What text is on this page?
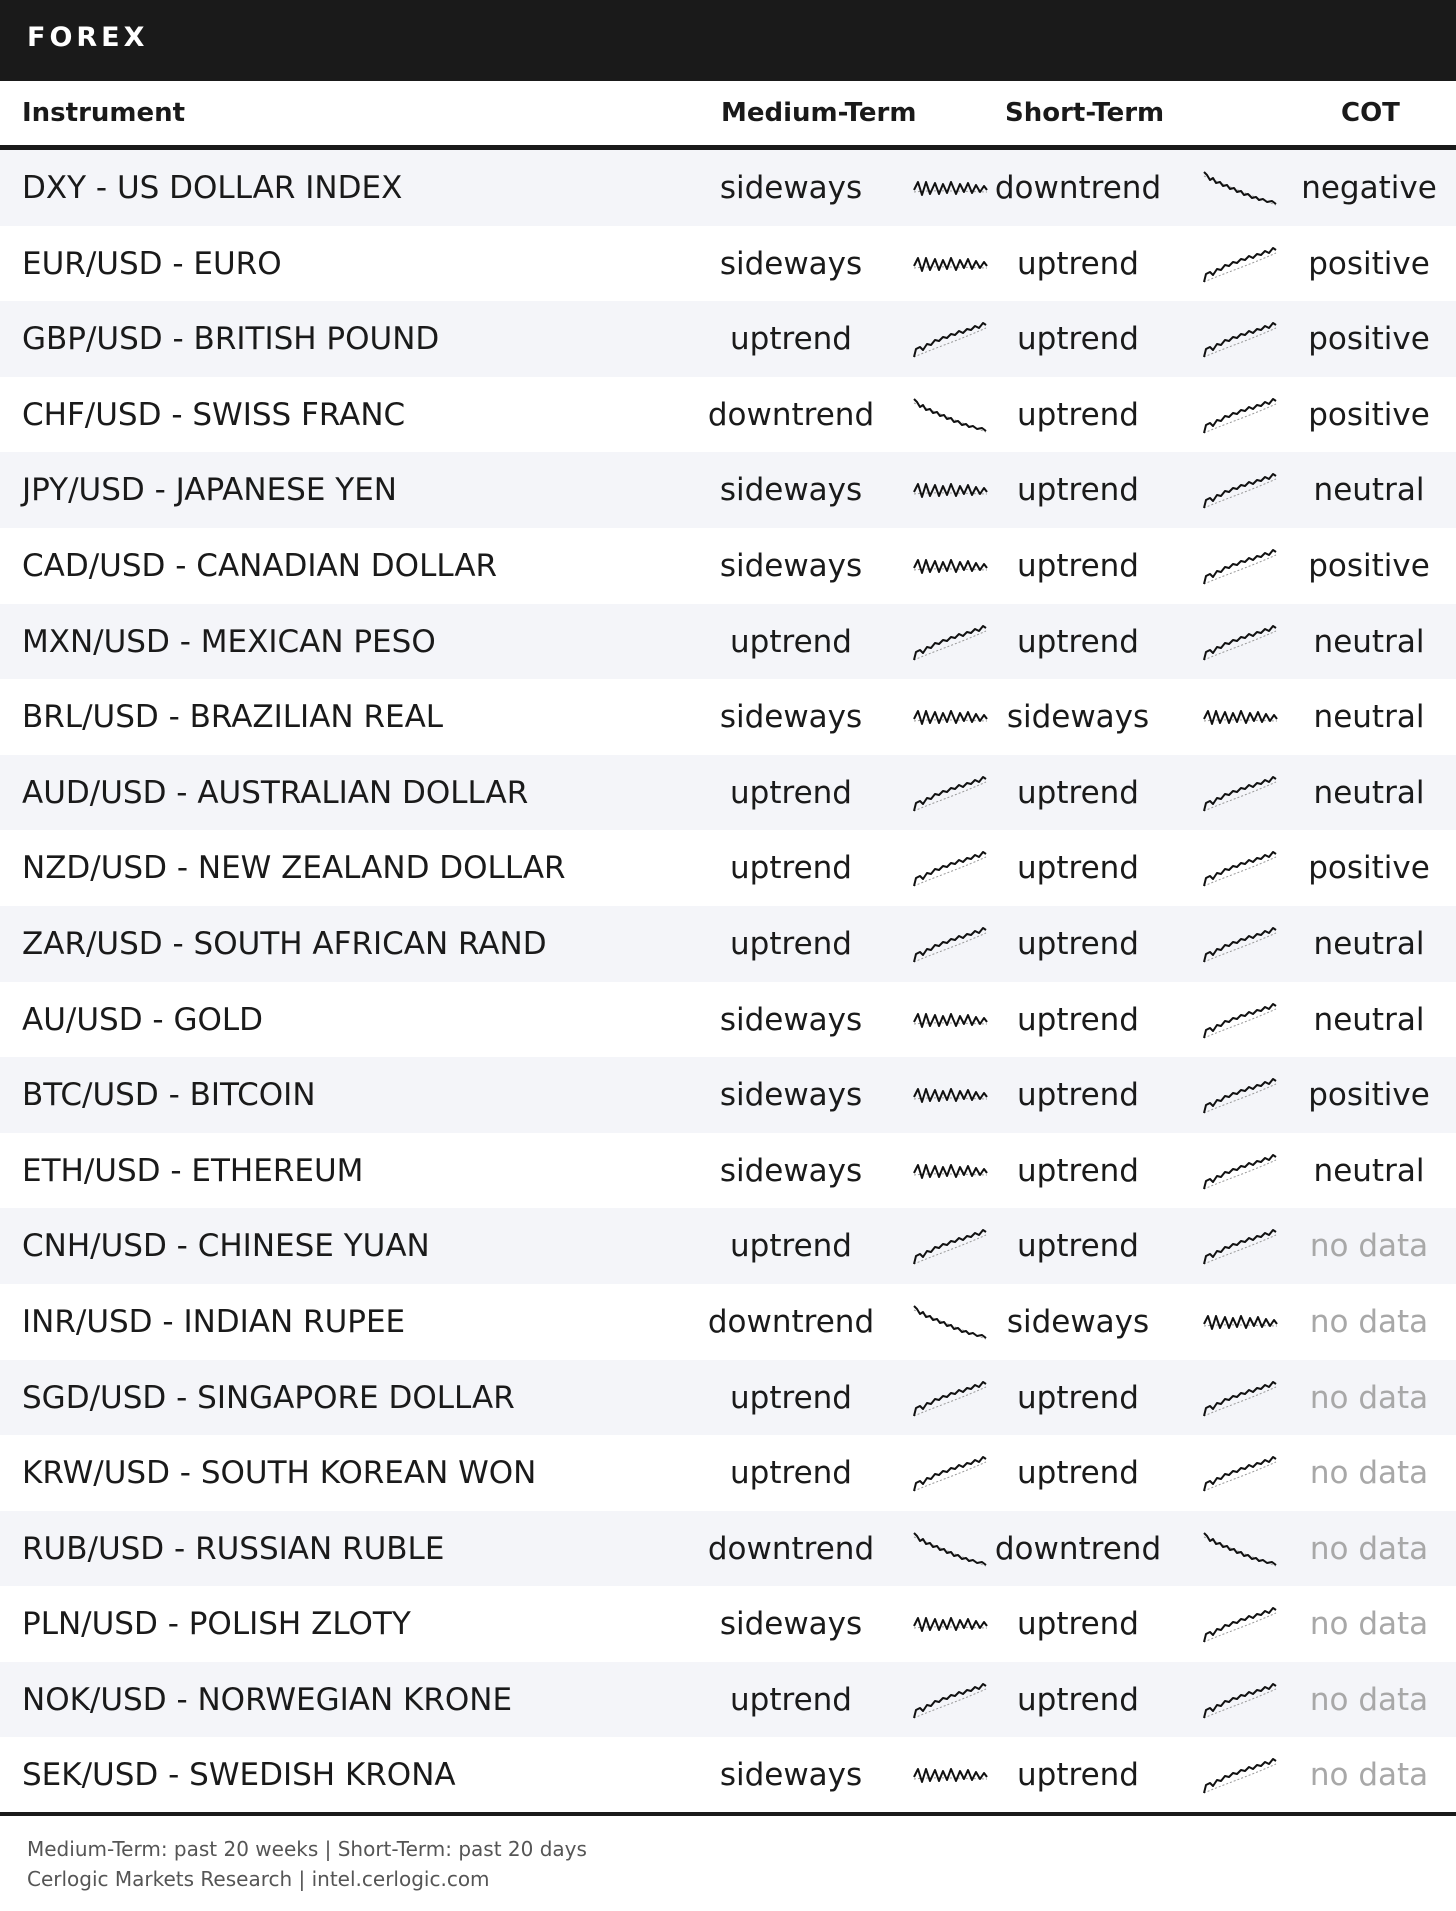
FOREX
Instrument	Medium-Term	Short-Term	COT
DXY - US DOLLAR INDEX	sideways	downtrend	negative
EUR/USD - EURO	sideways	uptrend	positive
GBP/USD - BRITISH POUND	uptrend	uptrend	positive
CHF/USD - SWISS FRANC	downtrend	uptrend	positive
JPY/USD - JAPANESE YEN	sideways	uptrend	neutral
CAD/USD - CANADIAN DOLLAR	sideways	uptrend	positive
MXN/USD - MEXICAN PESO	uptrend	uptrend	neutral
BRL/USD - BRAZILIAN REAL	sideways	sideways	neutral
AUD/USD - AUSTRALIAN DOLLAR	uptrend	uptrend	neutral
NZD/USD - NEW ZEALAND DOLLAR	uptrend	uptrend	positive
ZAR/USD - SOUTH AFRICAN RAND	uptrend	uptrend	neutral
AU/USD - GOLD	sideways	uptrend	neutral
BTC/USD - BITCOIN	sideways	uptrend	positive
ETH/USD - ETHEREUM	sideways	uptrend	neutral
CNH/USD - CHINESE YUAN	uptrend	uptrend	no data
INR/USD - INDIAN RUPEE	downtrend	sideways	no data
SGD/USD - SINGAPORE DOLLAR	uptrend	uptrend	no data
KRW/USD - SOUTH KOREAN WON	uptrend	uptrend	no data
RUB/USD - RUSSIAN RUBLE	downtrend	downtrend	no data
PLN/USD - POLISH ZLOTY	sideways	uptrend	no data
NOK/USD - NORWEGIAN KRONE	uptrend	uptrend	no data
SEK/USD - SWEDISH KRONA	sideways	uptrend	no data
Medium-Term: past 20 weeks | Short-Term: past 20 days
Cerlogic Markets Research | intel.cerlogic.com
